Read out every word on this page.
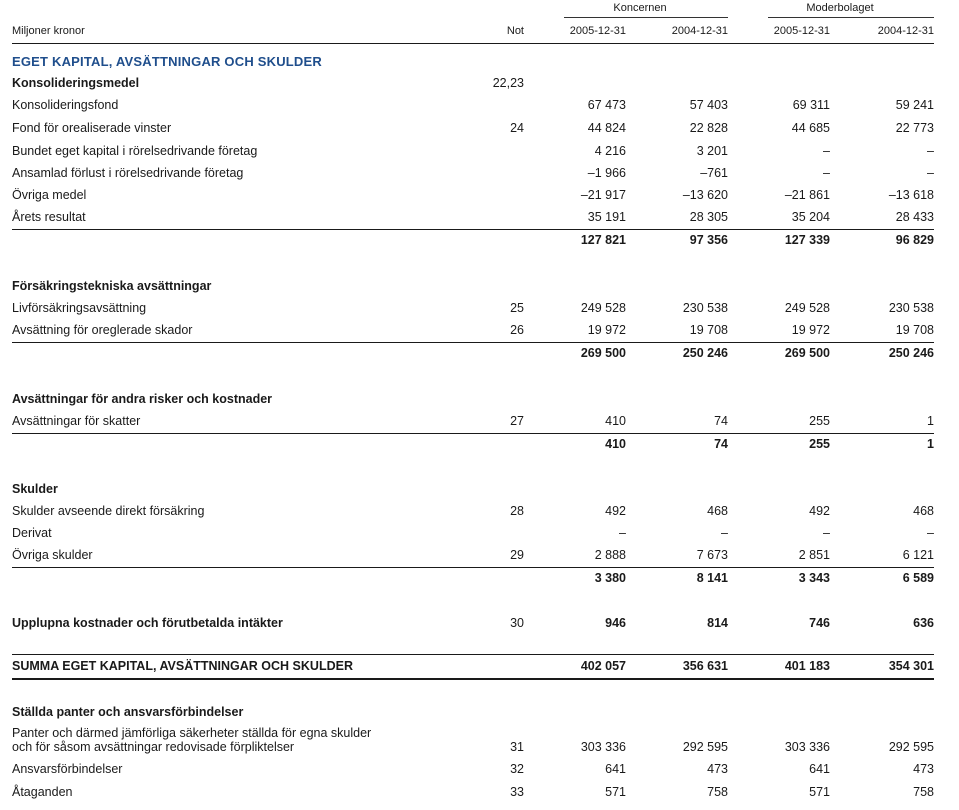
Koncernen	Moderbolaget
Miljoner kronor	Not	2005-12-31	2004-12-31	2005-12-31	2004-12-31
EGET KAPITAL, AVSÄTTNINGAR OCH SKULDER
Konsolideringsmedel	22,23
Konsolideringsfond	67 473	57 403	69 311	59 241
Fond för orealiserade vinster	24	44 824	22 828	44 685	22 773
Bundet eget kapital i rörelsedrivande företag	4 216	3 201	–	–
Ansamlad förlust i rörelsedrivande företag	–1 966	–761	–	–
Övriga medel	–21 917	–13 620	–21 861	–13 618
Årets resultat	35 191	28 305	35 204	28 433
127 821	97 356	127 339	96 829
Försäkringstekniska avsättningar
Livförsäkringsavsättning	25	249 528	230 538	249 528	230 538
Avsättning för oreglerade skador	26	19 972	19 708	19 972	19 708
269 500	250 246	269 500	250 246
Avsättningar för andra risker och kostnader
Avsättningar för skatter	27	410	74	255	1
410	74	255	1
Skulder
Skulder avseende direkt försäkring	28	492	468	492	468
Derivat	–	–	–	–
Övriga skulder	29	2 888	7 673	2 851	6 121
3 380	8 141	3 343	6 589
Upplupna kostnader och förutbetalda intäkter	30	946	814	746	636
SUMMA EGET KAPITAL, AVSÄTTNINGAR OCH SKULDER	402 057	356 631	401 183	354 301
Ställda panter och ansvarsförbindelser
Panter och därmed jämförliga säkerheter ställda för egna skulder
och för såsom avsättningar redovisade förpliktelser	31	303 336	292 595	303 336	292 595
Ansvarsförbindelser	32	641	473	641	473
Åtaganden	33	571	758	571	758
